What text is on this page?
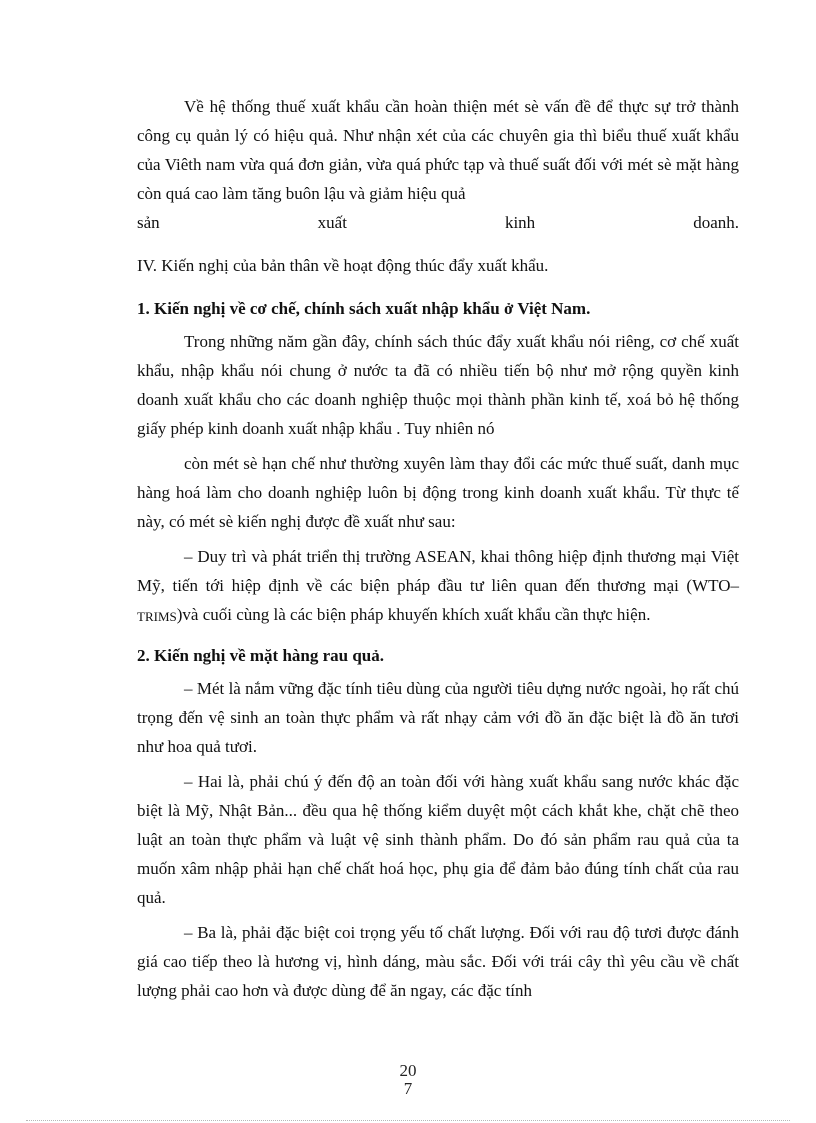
Về hệ thống thuế xuất khẩu cần hoàn thiện mét sè vấn đề để thực sự trở thành công cụ quản lý có hiệu quả. Như nhận xét của các chuyên gia thì biểu thuế xuất khẩu của Viêth nam vừa quá đơn giản, vừa quá phức tạp và thuế suất đối với mét sè mặt hàng còn quá cao làm tăng buôn lậu và giảm hiệu quả

sản	xuất	kinh	doanh.

IV. Kiến nghị của bản thân về hoạt động thúc đẩy xuất khẩu.

1. Kiến nghị về cơ chế, chính sách xuất nhập khẩu ở Việt Nam.

Trong những năm gần đây, chính sách thúc đẩy xuất khẩu nói riêng, cơ chế xuất khẩu, nhập khẩu nói chung ở nước ta đã có nhiều tiến bộ như mở rộng quyền kinh doanh xuất khẩu cho các doanh nghiệp thuộc mọi thành phần kinh tế, xoá bỏ hệ thống giấy phép kinh doanh xuất nhập khẩu . Tuy nhiên nó

còn mét sè hạn chế như thường xuyên làm thay đổi các mức thuế suất, danh mục hàng hoá làm cho doanh nghiệp luôn bị động trong kinh doanh xuất khẩu. Từ thực tế này, có mét sè kiến nghị được đề xuất như sau:

– Duy trì và phát triển thị trường ASEAN, khai thông hiệp định thương mại Việt Mỹ, tiến tới hiệp định về các biện pháp đầu tư liên quan đến thương mại (WTO–TRIMS)và cuối cùng là các biện pháp khuyến khích xuất khẩu cần thực hiện.

2. Kiến nghị về mặt hàng rau quả.

– Mét là nắm vững đặc tính tiêu dùng của người tiêu dựng nước ngoài, họ rất chú trọng đến vệ sinh an toàn thực phẩm và rất nhạy cảm với đồ ăn đặc biệt là đồ ăn tươi như hoa quả tươi.

– Hai là, phải chú ý đến độ an toàn đối với hàng xuất khẩu sang nước khác đặc biệt là Mỹ, Nhật Bản... đều qua hệ thống kiểm duyệt một cách khắt khe, chặt chẽ theo luật an toàn thực phẩm và luật vệ sinh thành phẩm. Do đó sản phẩm rau quả của ta muốn xâm nhập phải hạn chế chất hoá học, phụ gia để đảm bảo đúng tính chất của rau quả.

– Ba là, phải đặc biệt coi trọng yếu tố chất lượng. Đối với rau độ tươi được đánh giá cao tiếp theo là hương vị, hình dáng, màu sắc. Đối với trái cây thì yêu cầu về chất lượng phải cao hơn và được dùng để ăn ngay, các đặc tính

20
7
